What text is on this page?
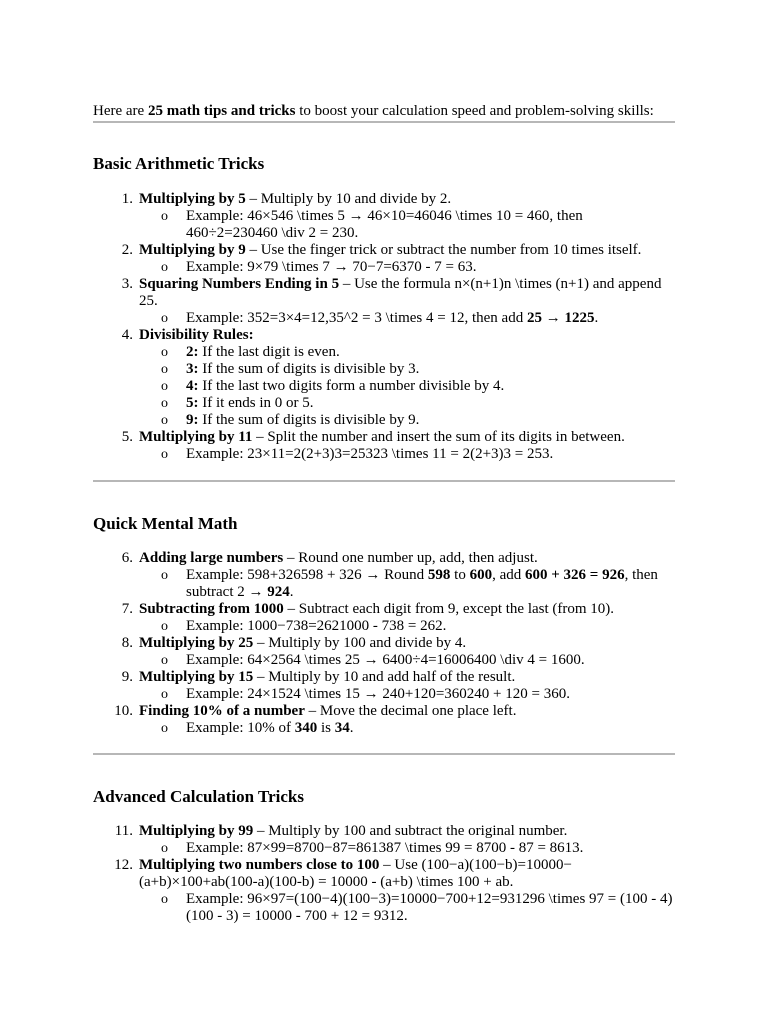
Here are 25 math tips and tricks to boost your calculation speed and problem-solving skills:

Basic Arithmetic Tricks
1. Multiplying by 5 – Multiply by 10 and divide by 2.
o Example: 46×546 \times 5 → 46×10=46046 \times 10 = 460, then 460÷2=230460 \div 2 = 230.
2. Multiplying by 9 – Use the finger trick or subtract the number from 10 times itself.
o Example: 9×79 \times 7 → 70−7=6370 - 7 = 63.
3. Squaring Numbers Ending in 5 – Use the formula n×(n+1)n \times (n+1) and append 25.
o Example: 352=3×4=12,35^2 = 3 \times 4 = 12, then add 25 → 1225.
4. Divisibility Rules:
o 2: If the last digit is even.
o 3: If the sum of digits is divisible by 3.
o 4: If the last two digits form a number divisible by 4.
o 5: If it ends in 0 or 5.
o 9: If the sum of digits is divisible by 9.
5. Multiplying by 11 – Split the number and insert the sum of its digits in between.
o Example: 23×11=2(2+3)3=25323 \times 11 = 2(2+3)3 = 253.
Quick Mental Math
6. Adding large numbers – Round one number up, add, then adjust.
o Example: 598+326598 + 326 → Round 598 to 600, add 600 + 326 = 926, then subtract 2 → 924.
7. Subtracting from 1000 – Subtract each digit from 9, except the last (from 10).
o Example: 1000−738=2621000 - 738 = 262.
8. Multiplying by 25 – Multiply by 100 and divide by 4.
o Example: 64×2564 \times 25 → 6400÷4=16006400 \div 4 = 1600.
9. Multiplying by 15 – Multiply by 10 and add half of the result.
o Example: 24×1524 \times 15 → 240+120=360240 + 120 = 360.
10. Finding 10% of a number – Move the decimal one place left.
o Example: 10% of 340 is 34.
Advanced Calculation Tricks
11. Multiplying by 99 – Multiply by 100 and subtract the original number.
o Example: 87×99=8700−87=861387 \times 99 = 8700 - 87 = 8613.
12. Multiplying two numbers close to 100 – Use (100−a)(100−b)=10000−(a+b)×100+ab(100-a)(100-b) = 10000 - (a+b) \times 100 + ab.
o Example: 96×97=(100−4)(100−3)=10000−700+12=931296 \times 97 = (100 - 4)(100 - 3) = 10000 - 700 + 12 = 9312.
